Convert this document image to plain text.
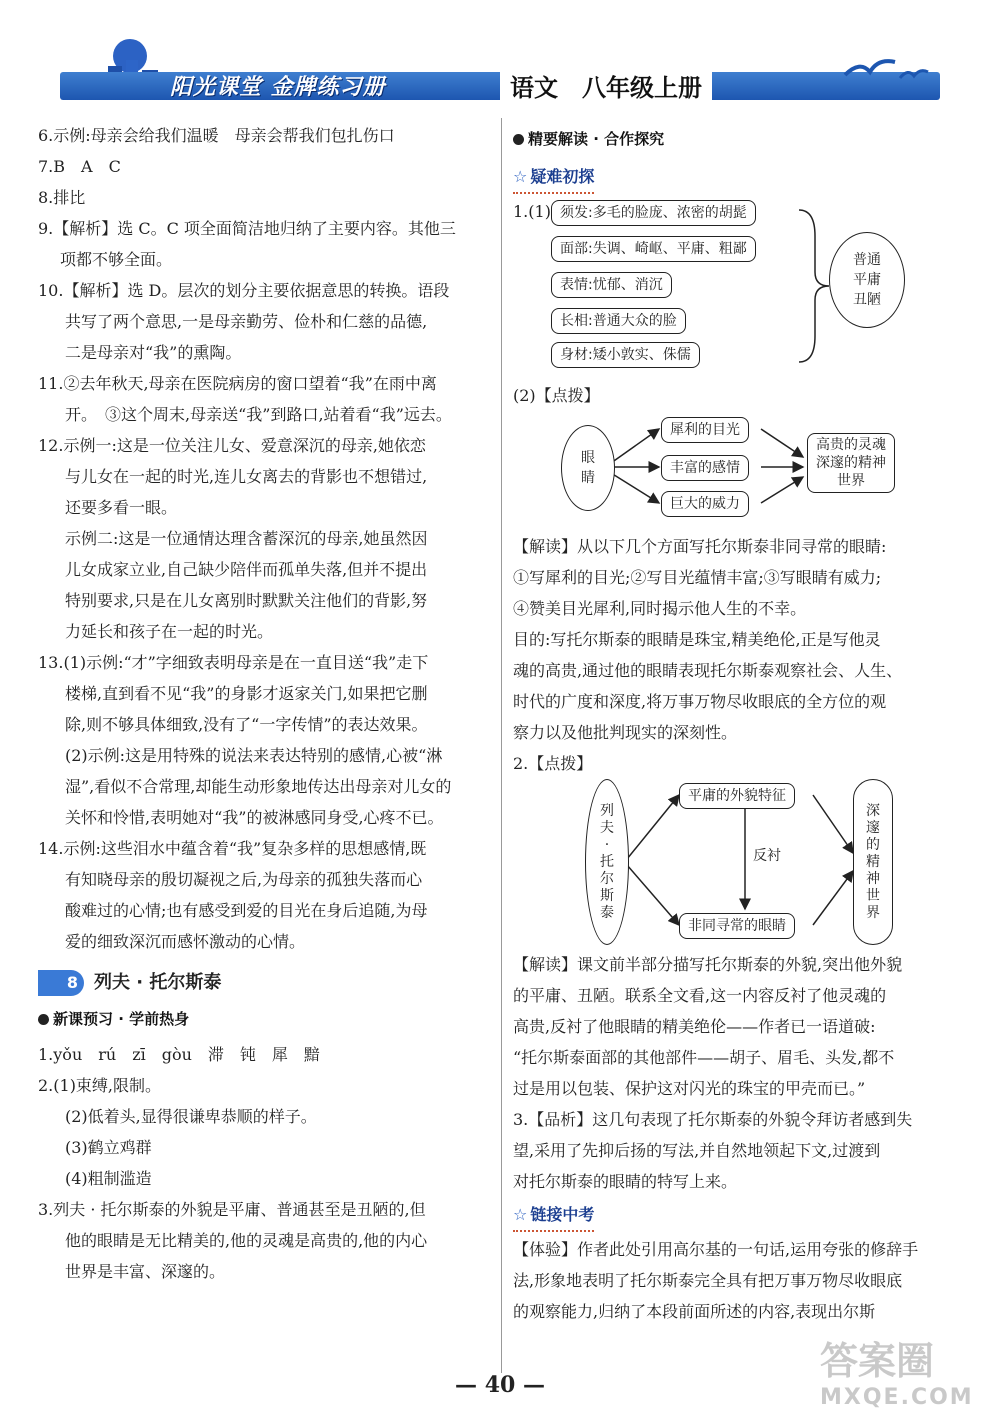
阳光课堂 金牌练习册	语文　八年级上册

6.示例:母亲会给我们温暖　母亲会帮我们包扎伤口

7.B　A　C

8.排比

9.【解析】选 C。C 项全面简洁地归纳了主要内容。其他三

项都不够全面。

10.【解析】选 D。层次的划分主要依据意思的转换。语段

共写了两个意思,一是母亲勤劳、俭朴和仁慈的品德,

二是母亲对“我”的熏陶。

11.②去年秋天,母亲在医院病房的窗口望着“我”在雨中离

开。　③这个周末,母亲送“我”到路口,站着看“我”远去。

12.示例一:这是一位关注儿女、爱意深沉的母亲,她依恋

与儿女在一起的时光,连儿女离去的背影也不想错过,

还要多看一眼。

示例二:这是一位通情达理含蓄深沉的母亲,她虽然因

儿女成家立业,自己缺少陪伴而孤单失落,但并不提出

特别要求,只是在儿女离别时默默关注他们的背影,努

力延长和孩子在一起的时光。

13.(1)示例:“才”字细致表明母亲是在一直目送“我”走下

楼梯,直到看不见“我”的身影才返家关门,如果把它删

除,则不够具体细致,没有了“一字传情”的表达效果。

(2)示例:这是用特殊的说法来表达特别的感情,心被“淋

湿”,看似不合常理,却能生动形象地传达出母亲对儿女的

关怀和怜惜,表明她对“我”的被淋感同身受,心疼不已。

14.示例:这些泪水中蕴含着“我”复杂多样的思想感情,既

有知晓母亲的殷切凝视之后,为母亲的孤独失落而心

酸难过的心情;也有感受到爱的目光在身后追随,为母

爱的细致深沉而感怀激动的心情。

8 列夫 · 托尔斯泰
新课预习 · 学前热身

1.yǒu　rú　zī　gòu　滞　钝　犀　黯

2.(1)束缚,限制。

(2)低着头,显得很谦卑恭顺的样子。

(3)鹤立鸡群

(4)粗制滥造

3.列夫 · 托尔斯泰的外貌是平庸、普通甚至是丑陋的,但

他的眼睛是无比精美的,他的灵魂是高贵的,他的内心

世界是丰富、深邃的。

精要解读 · 合作探究
☆ 疑难初探
1.(1) 须发:多毛的脸庞、浓密的胡髭
面部:失调、崎岖、平庸、粗鄙
表情:忧郁、消沉
长相:普通大众的脸
身材:矮小敦实、侏儒
普通
平庸
丑陋

(2)【点拨】

眼
睛
犀利的目光
丰富的感情
巨大的威力
高贵的灵魂
深邃的精神
世界

【解读】从以下几个方面写托尔斯泰非同寻常的眼睛:

①写犀利的目光;②写目光蕴情丰富;③写眼睛有威力;

④赞美目光犀利,同时揭示他人生的不幸。

目的:写托尔斯泰的眼睛是珠宝,精美绝伦,正是写他灵

魂的高贵,通过他的眼睛表现托尔斯泰观察社会、人生、

时代的广度和深度,将万事万物尽收眼底的全方位的观

察力以及他批判现实的深刻性。

2.【点拨】

列
夫
·
托
尔
斯
泰
平庸的外貌特征
非同寻常的眼睛
反衬
深
邃
的
精
神
世
界

【解读】课文前半部分描写托尔斯泰的外貌,突出他外貌

的平庸、丑陋。联系全文看,这一内容反衬了他灵魂的

高贵,反衬了他眼睛的精美绝伦——作者已一语道破:

“托尔斯泰面部的其他部件——胡子、眉毛、头发,都不

过是用以包装、保护这对闪光的珠宝的甲壳而已。”

3.【品析】这几句表现了托尔斯泰的外貌令拜访者感到失

望,采用了先抑后扬的写法,并自然地领起下文,过渡到

对托尔斯泰的眼睛的特写上来。

☆ 链接中考

【体验】作者此处引用高尔基的一句话,运用夸张的修辞手

法,形象地表明了托尔斯泰完全具有把万事万物尽收眼底

的观察能力,归纳了本段前面所述的内容,表现出尔斯

— 40 —
答案圈
MXQE.COM
